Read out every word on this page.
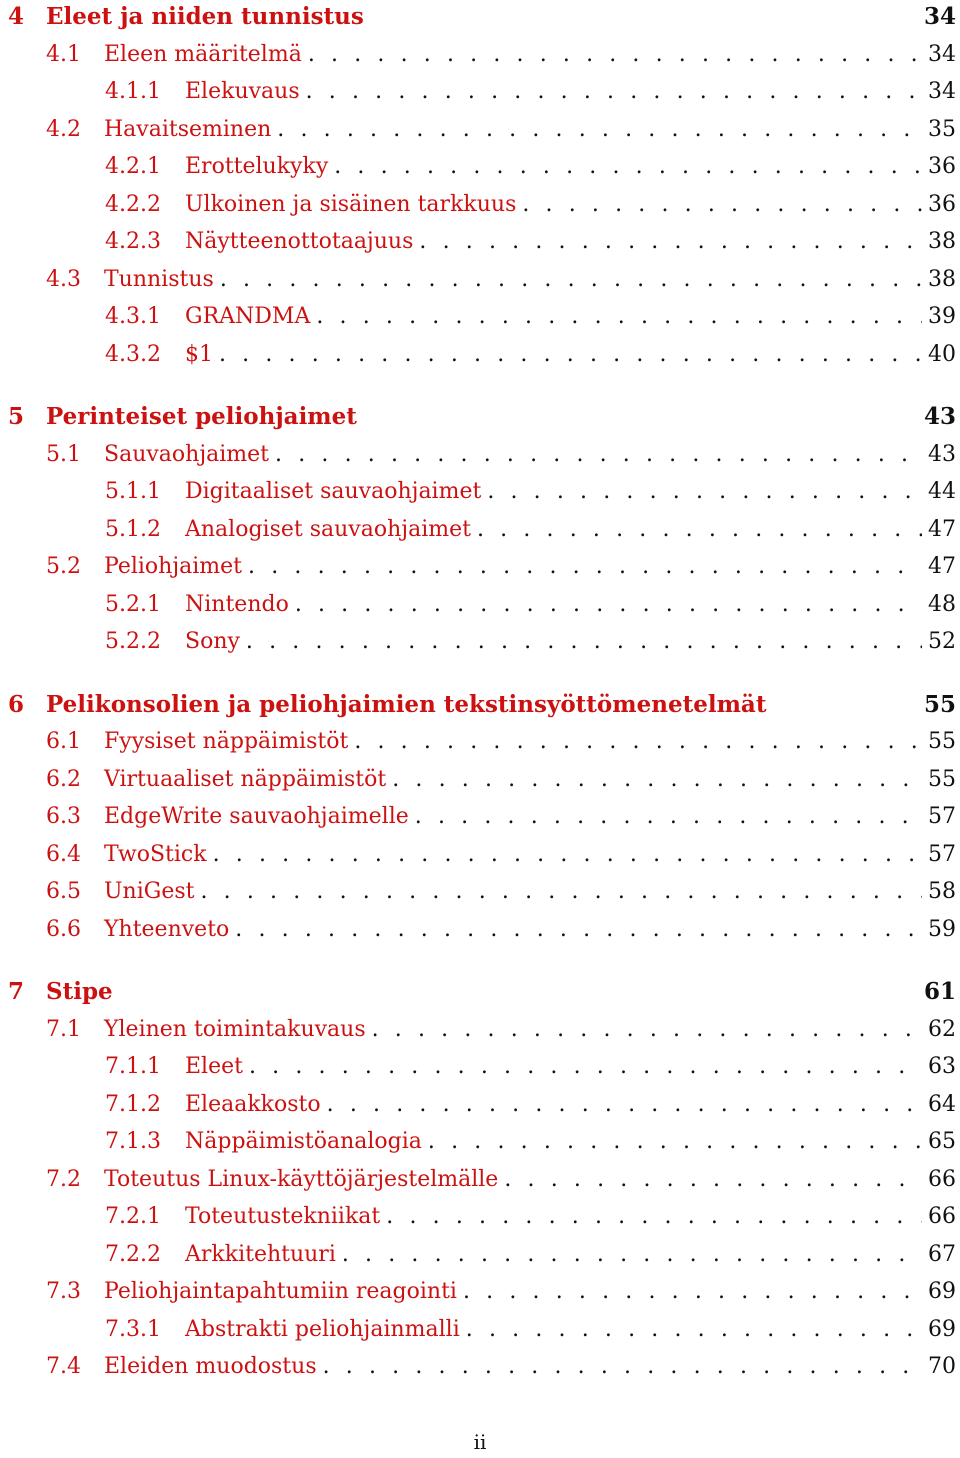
4 Eleet ja niiden tunnistus	34
4.1	Eleen määritelmä . . .	34
4.1.1	Elekuvaus . . .	34
4.2	Havaitseminen . . .	35
4.2.1	Erottelukyky . . .	36
4.2.2	Ulkoinen ja sisäinen tarkkuus . . .	36
4.2.3	Näytteenottotaajuus . . .	38
4.3	Tunnistus . . .	38
4.3.1	GRANDMA . . .	39
4.3.2	$1 . . .	40
5 Perinteiset peliohjaimet	43
5.1	Sauvaohjaimet . . .	43
5.1.1	Digitaaliset sauvaohjaimet . . .	44
5.1.2	Analogiset sauvaohjaimet . . .	47
5.2	Peliohjaimet . . .	47
5.2.1	Nintendo . . .	48
5.2.2	Sony . . .	52
6 Pelikonsolien ja peliohjaimien tekstinsyöttömenetelmät	55
6.1	Fyysiset näppäimistöt . . .	55
6.2	Virtuaaliset näppäimistöt . . .	55
6.3	EdgeWrite sauvaohjaimelle . . .	57
6.4	TwoStick . . .	57
6.5	UniGest . . .	58
6.6	Yhteenveto . . .	59
7 Stipe	61
7.1	Yleinen toimintakuvaus . . .	62
7.1.1	Eleet . . .	63
7.1.2	Eleaakkosto . . .	64
7.1.3	Näppäimistöanalogia . . .	65
7.2	Toteutus Linux-käyttöjärjestelmälle . . .	66
7.2.1	Toteutustekniikat . . .	66
7.2.2	Arkkitehtuuri . . .	67
7.3	Peliohjaintapahtumiin reagointi . . .	69
7.3.1	Abstrakti peliohjainmalli . . .	69
7.4	Eleiden muodostus . . .	70
ii
